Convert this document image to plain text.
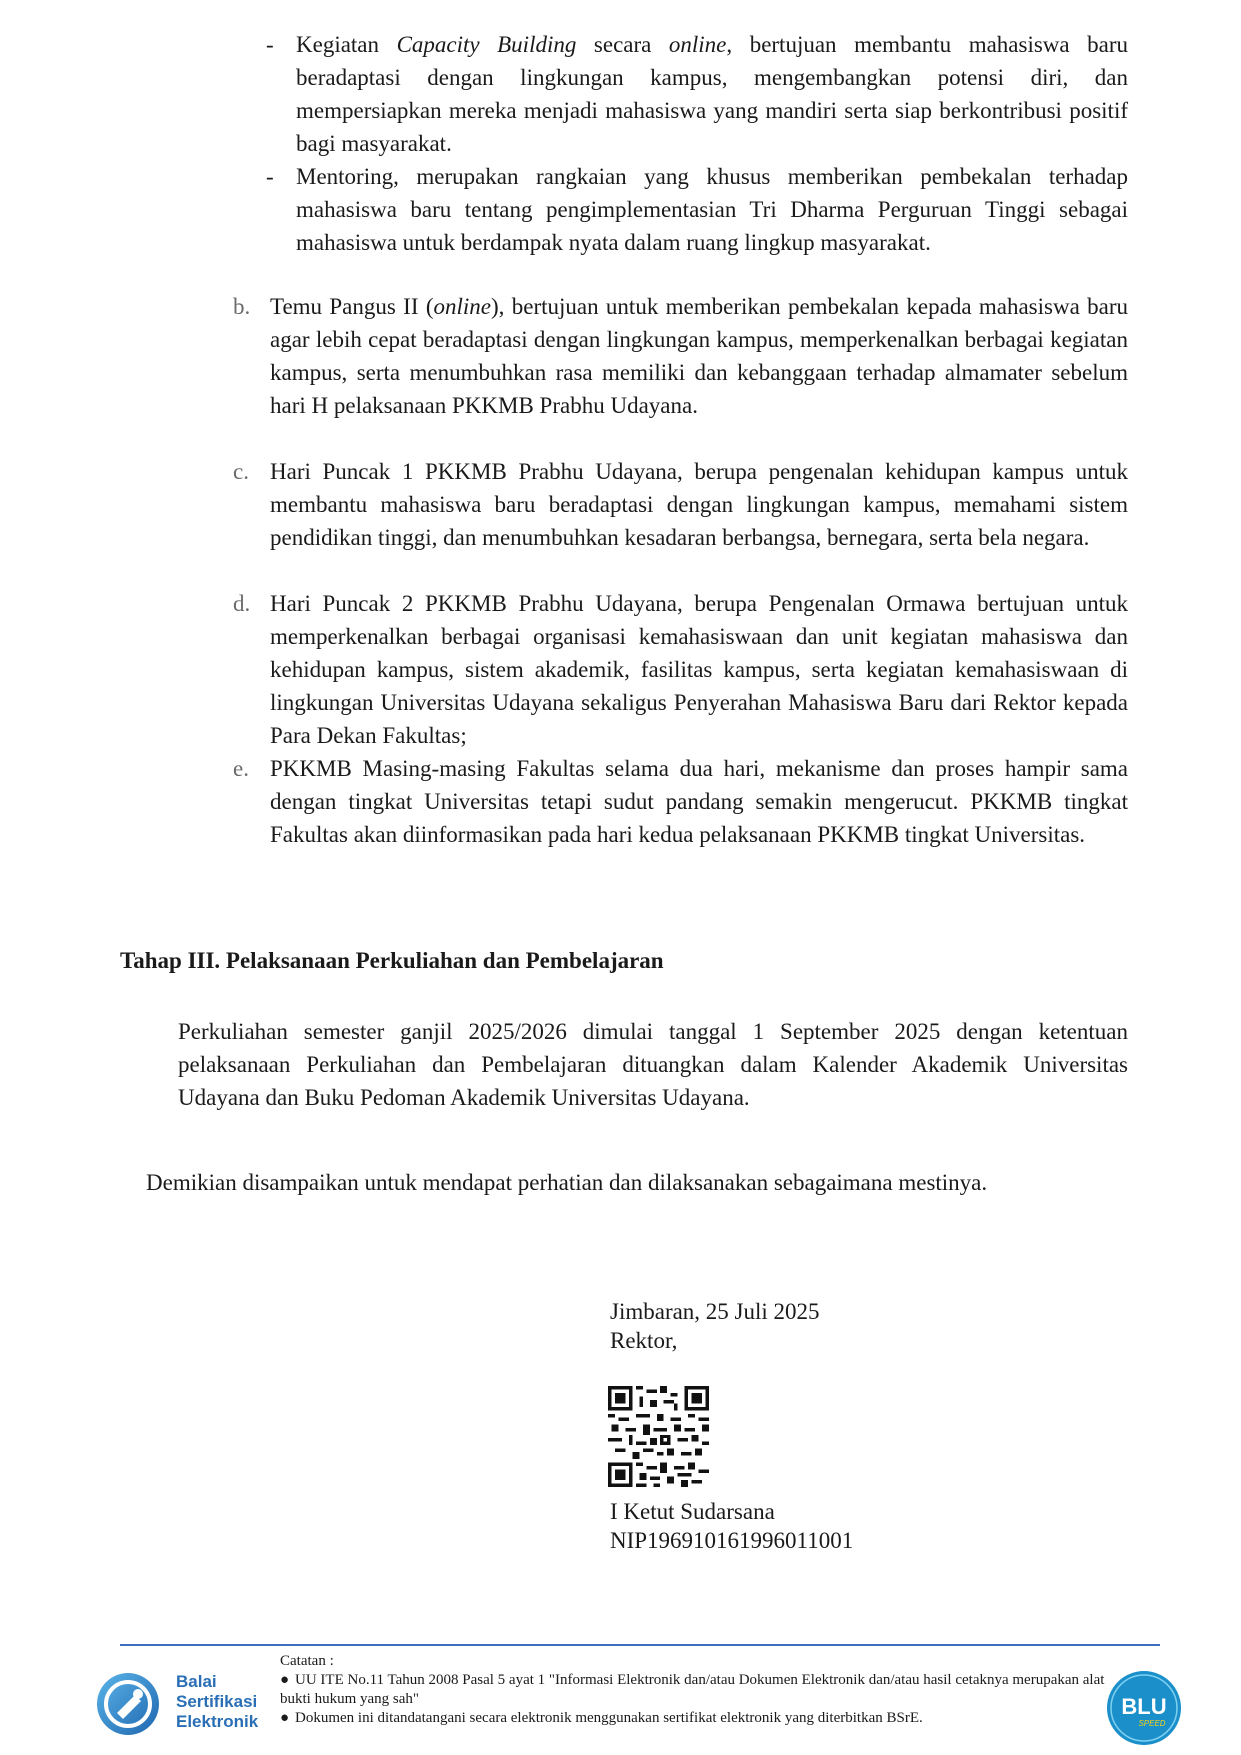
- Kegiatan Capacity Building secara online, bertujuan membantu mahasiswa baru beradaptasi dengan lingkungan kampus, mengembangkan potensi diri, dan mempersiapkan mereka menjadi mahasiswa yang mandiri serta siap berkontribusi positif bagi masyarakat.
- Mentoring, merupakan rangkaian yang khusus memberikan pembekalan terhadap mahasiswa baru tentang pengimplementasian Tri Dharma Perguruan Tinggi sebagai mahasiswa untuk berdampak nyata dalam ruang lingkup masyarakat.
b. Temu Pangus II (online), bertujuan untuk memberikan pembekalan kepada mahasiswa baru agar lebih cepat beradaptasi dengan lingkungan kampus, memperkenalkan berbagai kegiatan kampus, serta menumbuhkan rasa memiliki dan kebanggaan terhadap almamater sebelum hari H pelaksanaan PKKMB Prabhu Udayana.
c. Hari Puncak 1 PKKMB Prabhu Udayana, berupa pengenalan kehidupan kampus untuk membantu mahasiswa baru beradaptasi dengan lingkungan kampus, memahami sistem pendidikan tinggi, dan menumbuhkan kesadaran berbangsa, bernegara, serta bela negara.
d. Hari Puncak 2 PKKMB Prabhu Udayana, berupa Pengenalan Ormawa bertujuan untuk memperkenalkan berbagai organisasi kemahasiswaan dan unit kegiatan mahasiswa dan kehidupan kampus, sistem akademik, fasilitas kampus, serta kegiatan kemahasiswaan di lingkungan Universitas Udayana sekaligus Penyerahan Mahasiswa Baru dari Rektor kepada Para Dekan Fakultas;
e. PKKMB Masing-masing Fakultas selama dua hari, mekanisme dan proses hampir sama dengan tingkat Universitas tetapi sudut pandang semakin mengerucut. PKKMB tingkat Fakultas akan diinformasikan pada hari kedua pelaksanaan PKKMB tingkat Universitas.
Tahap III. Pelaksanaan Perkuliahan dan Pembelajaran
Perkuliahan semester ganjil 2025/2026 dimulai tanggal 1 September 2025 dengan ketentuan pelaksanaan Perkuliahan dan Pembelajaran dituangkan dalam Kalender Akademik Universitas Udayana dan Buku Pedoman Akademik Universitas Udayana.
Demikian disampaikan untuk mendapat perhatian dan dilaksanakan sebagaimana mestinya.
Jimbaran, 25 Juli 2025
Rektor,
I Ketut Sudarsana
NIP196910161996011001
Catatan :
● UU ITE No.11 Tahun 2008 Pasal 5 ayat 1 "Informasi Elektronik dan/atau Dokumen Elektronik dan/atau hasil cetaknya merupakan alat bukti hukum yang sah"
● Dokumen ini ditandatangani secara elektronik menggunakan sertifikat elektronik yang diterbitkan BSrE.
Balai
Sertifikasi
Elektronik
BLU
SPEED
